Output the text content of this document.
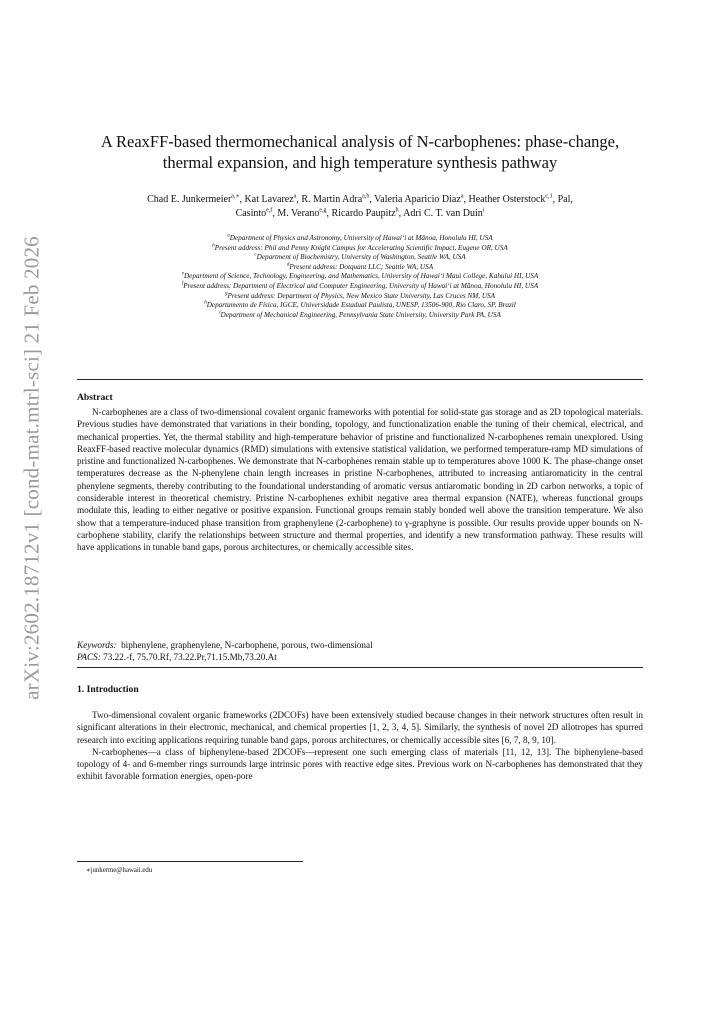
arXiv:2602.18712v1 [cond-mat.mtrl-sci] 21 Feb 2026
A ReaxFF-based thermomechanical analysis of N-carbophenes: phase-change,
thermal expansion, and high temperature synthesis pathway
Chad E. Junkermeier$^{a,∗}$, Kat Lavarez$^a$, R. Martin Adra$^{a,b}$, Valeria Aparicio Diaz$^a$, Heather Osterstock$^{c,1}$, Pal,
Casinto$^{e,f}$, M. Verano$^{e,g}$, Ricardo Paupitz$^h$, Adri C. T. van Duin$^i$
$^a$Department of Physics and Astronomy, University of Hawaiʻi at Mānoa, Honolulu HI, USA
$^b$Present address: Phil and Penny Knight Campus for Accelerating Scientific Impact, Eugene OR, USA
$^c$Department of Biochemistry, University of Washington, Seattle WA, USA
$^d$Present address: Dotquant LLC; Seattle WA, USA
$^e$Department of Science, Technology, Engineering, and Mathematics, University of Hawaiʻi Maui College, Kahului HI, USA
$^f$Present address: Department of Electrical and Computer Engineering, University of Hawaiʻi at Mānoa, Honolulu HI, USA
$^g$Present address: Department of Physics, New Mexico State University, Las Cruces NM, USA
$^h$Departamento de Física, IGCE, Universidade Estadual Paulista, UNESP, 13506-900, Rio Claro, SP, Brazil
$^i$Department of Mechanical Engineering, Pennsylvania State University, University Park PA, USA
Abstract
N-carbophenes are a class of two-dimensional covalent organic frameworks with potential for solid-state gas storage and as 2D topological materials. Previous studies have demonstrated that variations in their bonding, topology, and functionalization enable the tuning of their chemical, electrical, and mechanical properties. Yet, the thermal stability and high-temperature behavior of pristine and functionalized N-carbophenes remain unexplored. Using ReaxFF-based reactive molecular dynamics (RMD) simulations with extensive statistical validation, we performed temperature-ramp MD simulations of pristine and functionalized N-carbophenes. We demonstrate that N-carbophenes remain stable up to temperatures above 1000 K. The phase-change onset temperatures decrease as the N-phenylene chain length increases in pristine N-carbophenes, attributed to increasing antiaromaticity in the central phenylene segments, thereby contributing to the foundational understanding of aromatic versus antiaromatic bonding in 2D carbon networks, a topic of considerable interest in theoretical chemistry. Pristine N-carbophenes exhibit negative area thermal expansion (NATE), whereas functional groups modulate this, leading to either negative or positive expansion. Functional groups remain stably bonded well above the transition temperature. We also show that a temperature-induced phase transition from graphenylene (2-carbophene) to γ-graphyne is possible. Our results provide upper bounds on N-carbophene stability, clarify the relationships between structure and thermal properties, and identify a new transformation pathway. These results will have applications in tunable band gaps, porous architectures, or chemically accessible sites.
Keywords: biphenylene, graphenylene, N-carbophene, porous, two-dimensional
PACS: 73.22.-f, 75.70.Rf, 73.22.Pr,71.15.Mb,73.20.At
1. Introduction

Two-dimensional covalent organic frameworks (2DCOFs) have been extensively studied because changes in their network structures often result in significant alterations in their electronic, mechanical, and chemical properties [1, 2, 3, 4, 5]. Similarly, the synthesis of novel 2D allotropes has spurred research into exciting applications requiring tunable band gaps, porous architectures, or chemically accessible sites [6, 7, 8, 9, 10].

N-carbophenes—a class of biphenylene-based 2DCOFs—represent one such emerging class of materials [11, 12, 13]. The biphenylene-based topology of 4- and 6-member rings surrounds large intrinsic pores with reactive edge sites. Previous work on N-carbophenes has demonstrated that they exhibit favorable formation energies, open-pore

∗junkerme@hawaii.edu
